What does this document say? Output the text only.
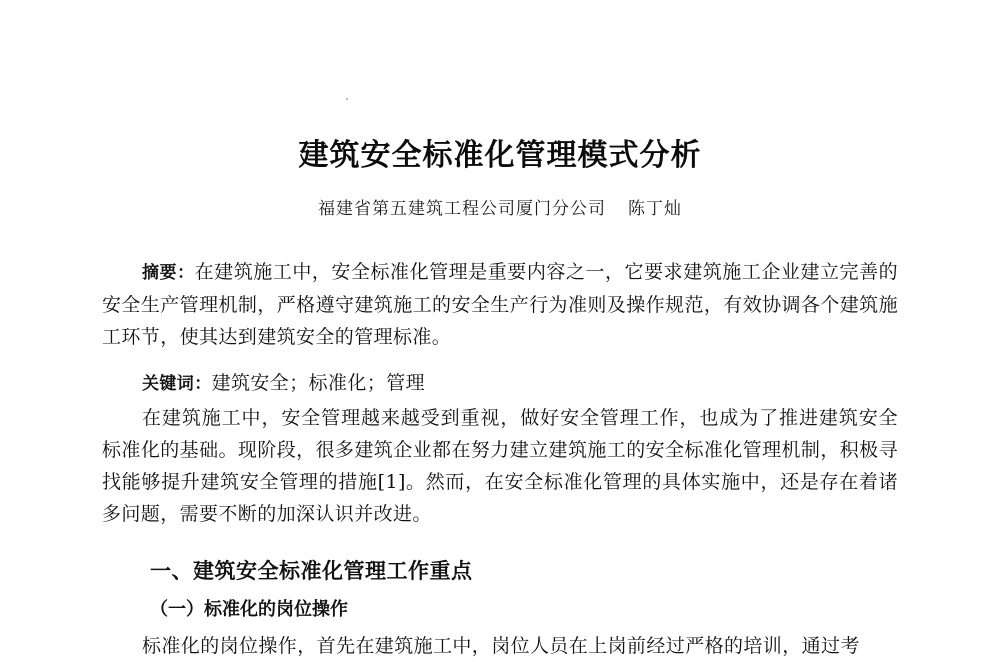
建筑安全标准化管理模式分析
福建省第五建筑工程公司厦门分公司 陈丁灿
摘要：在建筑施工中，安全标准化管理是重要内容之一，它要求建筑施工企业建立完善的安全生产管理机制，严格遵守建筑施工的安全生产行为准则及操作规范，有效协调各个建筑施工环节，使其达到建筑安全的管理标准。
关键词：建筑安全；标准化；管理
在建筑施工中，安全管理越来越受到重视，做好安全管理工作，也成为了推进建筑安全标准化的基础。现阶段，很多建筑企业都在努力建立建筑施工的安全标准化管理机制，积极寻找能够提升建筑安全管理的措施[1]。然而，在安全标准化管理的具体实施中，还是存在着诸多问题，需要不断的加深认识并改进。
一、建筑安全标准化管理工作重点
（一）标准化的岗位操作
标准化的岗位操作，首先在建筑施工中，岗位人员在上岗前经过严格的培训，通过考
